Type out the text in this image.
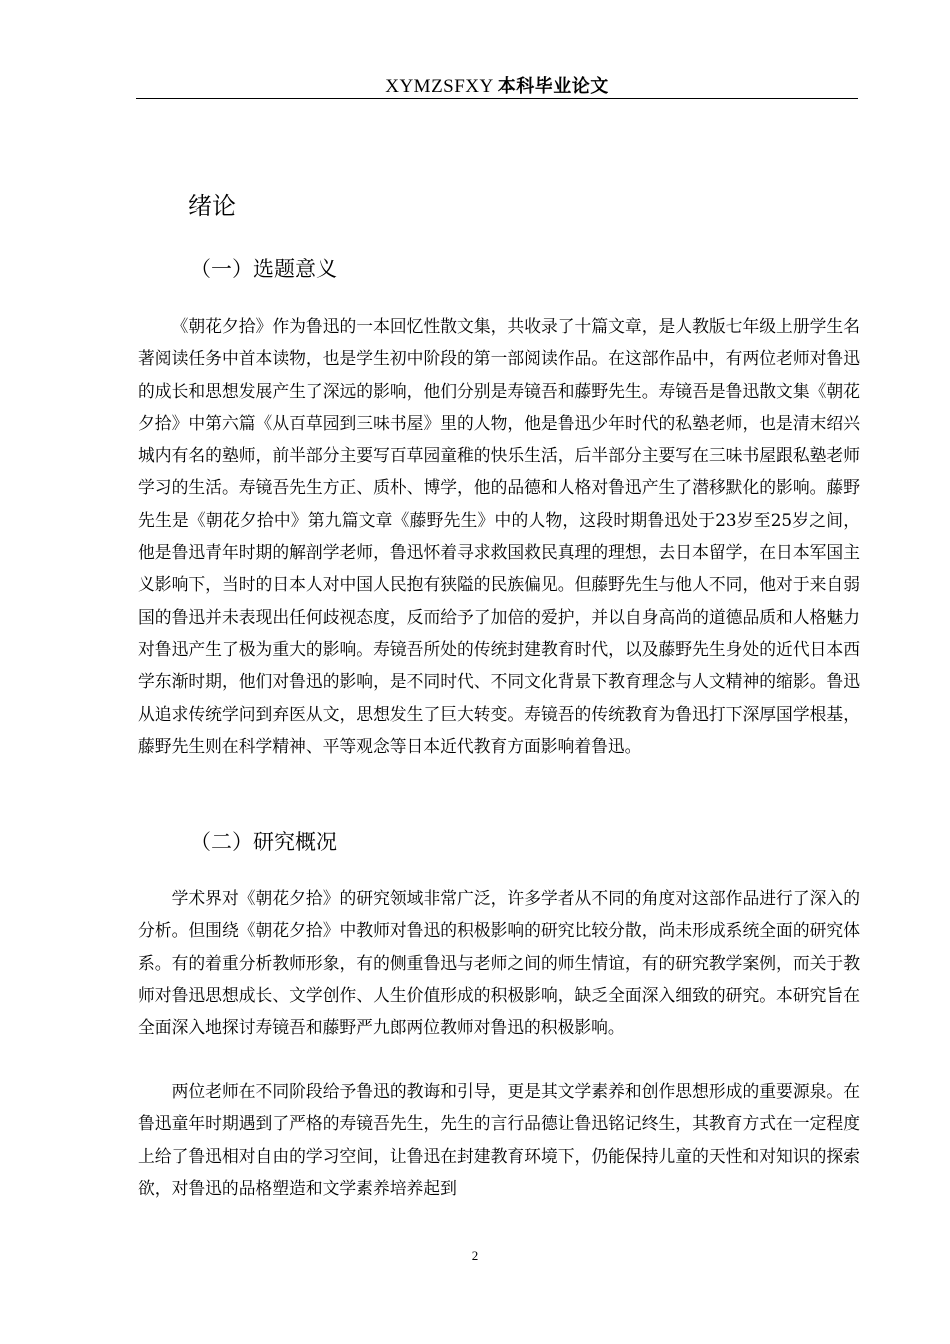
XYMZSFXY 本科毕业论文
绪论
（一）选题意义

《朝花夕拾》作为鲁迅的一本回忆性散文集，共收录了十篇文章，是人教版七年级上册学生名著阅读任务中首本读物，也是学生初中阶段的第一部阅读作品。在这部作品中，有两位老师对鲁迅的成长和思想发展产生了深远的影响，他们分别是寿镜吾和藤野先生。寿镜吾是鲁迅散文集《朝花夕拾》中第六篇《从百草园到三味书屋》里的人物，他是鲁迅少年时代的私塾老师，也是清末绍兴城内有名的塾师，前半部分主要写百草园童稚的快乐生活，后半部分主要写在三味书屋跟私塾老师学习的生活。寿镜吾先生方正、质朴、博学，他的品德和人格对鲁迅产生了潜移默化的影响。藤野先生是《朝花夕拾中》第九篇文章《藤野先生》中的人物，这段时期鲁迅处于23岁至25岁之间，他是鲁迅青年时期的解剖学老师，鲁迅怀着寻求救国救民真理的理想，去日本留学，在日本军国主义影响下，当时的日本人对中国人民抱有狭隘的民族偏见。但藤野先生与他人不同，他对于来自弱国的鲁迅并未表现出任何歧视态度，反而给予了加倍的爱护，并以自身高尚的道德品质和人格魅力对鲁迅产生了极为重大的影响。寿镜吾所处的传统封建教育时代，以及藤野先生身处的近代日本西学东渐时期，他们对鲁迅的影响，是不同时代、不同文化背景下教育理念与人文精神的缩影。鲁迅从追求传统学问到弃医从文，思想发生了巨大转变。寿镜吾的传统教育为鲁迅打下深厚国学根基，藤野先生则在科学精神、平等观念等日本近代教育方面影响着鲁迅。

（二）研究概况

学术界对《朝花夕拾》的研究领域非常广泛，许多学者从不同的角度对这部作品进行了深入的分析。但围绕《朝花夕拾》中教师对鲁迅的积极影响的研究比较分散，尚未形成系统全面的研究体系。有的着重分析教师形象，有的侧重鲁迅与老师之间的师生情谊，有的研究教学案例，而关于教师对鲁迅思想成长、文学创作、人生价值形成的积极影响，缺乏全面深入细致的研究。本研究旨在全面深入地探讨寿镜吾和藤野严九郎两位教师对鲁迅的积极影响。

两位老师在不同阶段给予鲁迅的教诲和引导，更是其文学素养和创作思想形成的重要源泉。在鲁迅童年时期遇到了严格的寿镜吾先生，先生的言行品德让鲁迅铭记终生，其教育方式在一定程度上给了鲁迅相对自由的学习空间，让鲁迅在封建教育环境下，仍能保持儿童的天性和对知识的探索欲，对鲁迅的品格塑造和文学素养培养起到

2
